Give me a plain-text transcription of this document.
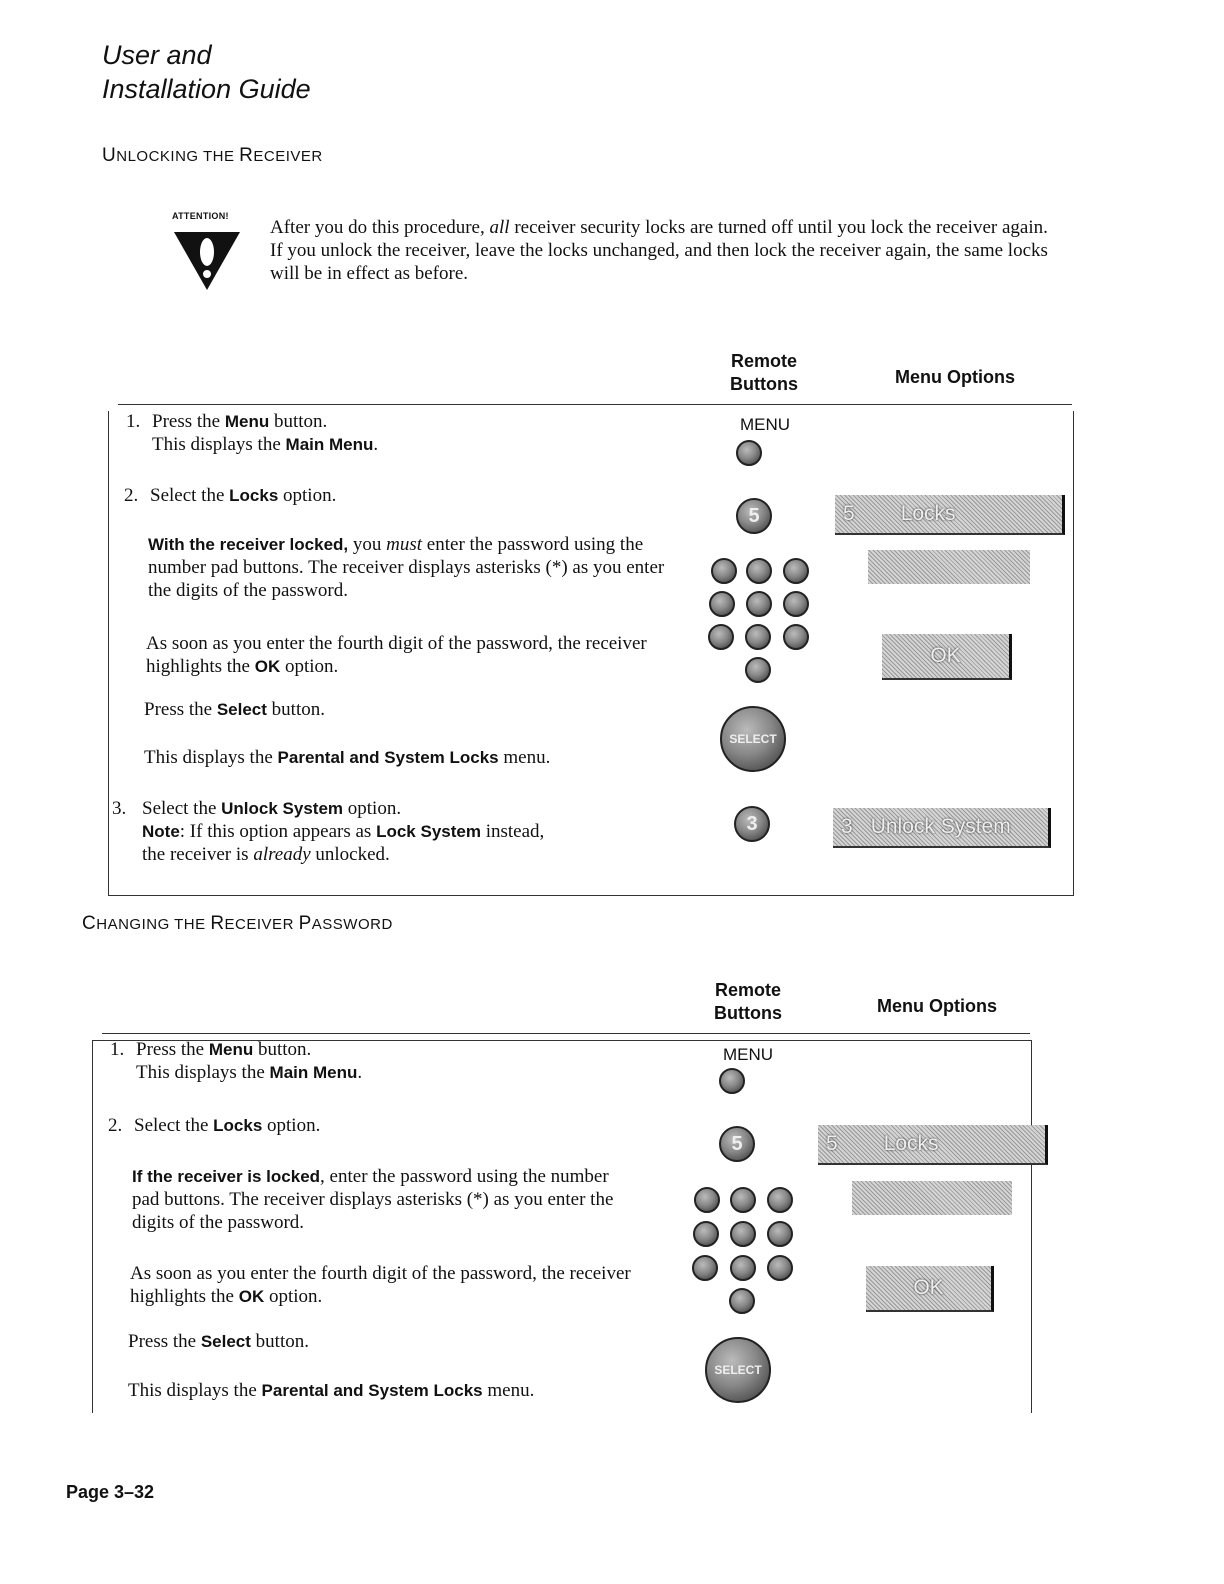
User and
Installation Guide
UNLOCKING THE RECEIVER
ATTENTION!
After you do this procedure, all receiver security locks are turned off until you lock the receiver again. If you unlock the receiver, leave the locks unchanged, and then lock the receiver again, the same locks will be in effect as before.
Remote
Buttons	Menu Options
1. Press the Menu button.
This displays the Main Menu.
2. Select the Locks option.
With the receiver locked, you must enter the password using the number pad buttons. The receiver displays asterisks (*) as you enter the digits of the password.
As soon as you enter the fourth digit of the password, the receiver highlights the OK option.
Press the Select button.
This displays the Parental and System Locks menu.
3. Select the Unlock System option.
Note: If this option appears as Lock System instead,
the receiver is already unlocked.
MENU
5
SELECT
3
5 Locks
OK
3 Unlock System
CHANGING THE RECEIVER PASSWORD
Remote
Buttons	Menu Options
1. Press the Menu button.
This displays the Main Menu.
2. Select the Locks option.
If the receiver is locked, enter the password using the number pad buttons. The receiver displays asterisks (*) as you enter the digits of the password.
As soon as you enter the fourth digit of the password, the receiver highlights the OK option.
Press the Select button.
This displays the Parental and System Locks menu.
MENU
5
SELECT
5 Locks
OK
Page 3–32
